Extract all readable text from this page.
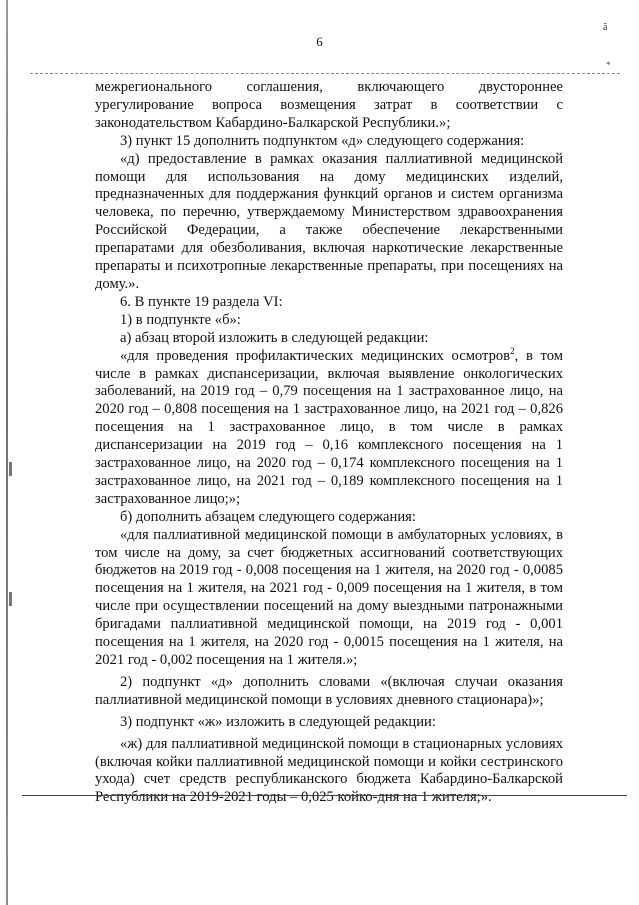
6
ã
*

межрегионального соглашения, включающего двустороннее урегулирование вопроса возмещения затрат в соответствии с законодательством Кабардино-Балкарской Республики.»;

3) пункт 15 дополнить подпунктом «д» следующего содержания:

«д) предоставление в рамках оказания паллиативной медицинской помощи для использования на дому медицинских изделий, предназначенных для поддержания функций органов и систем организма человека, по перечню, утверждаемому Министерством здравоохранения Российской Федерации, а также обеспечение лекарственными препаратами для обезболивания, включая наркотические лекарственные препараты и психотропные лекарственные препараты, при посещениях на дому.».

6. В пункте 19 раздела VI:

1) в подпункте «б»:

а) абзац второй изложить в следующей редакции:

«для проведения профилактических медицинских осмотров$^2$, в том числе в рамках диспансеризации, включая выявление онкологических заболеваний, на 2019 год – 0,79 посещения на 1 застрахованное лицо, на 2020 год – 0,808 посещения на 1 застрахованное лицо, на 2021 год – 0,826 посещения на 1 застрахованное лицо, в том числе в рамках диспансеризации на 2019 год – 0,16 комплексного посещения на 1 застрахованное лицо, на 2020 год – 0,174 комплексного посещения на 1 застрахованное лицо, на 2021 год – 0,189 комплексного посещения на 1 застрахованное лицо;»;

б) дополнить абзацем следующего содержания:

«для паллиативной медицинской помощи в амбулаторных условиях, в том числе на дому, за счет бюджетных ассигнований соответствующих бюджетов на 2019 год - 0,008 посещения на 1 жителя, на 2020 год - 0,0085 посещения на 1 жителя, на 2021 год - 0,009 посещения на 1 жителя, в том числе при осуществлении посещений на дому выездными патронажными бригадами паллиативной медицинской помощи, на 2019 год - 0,001 посещения на 1 жителя, на 2020 год - 0,0015 посещения на 1 жителя, на 2021 год - 0,002 посещения на 1 жителя.»;

2) подпункт «д» дополнить словами «(включая случаи оказания паллиативной медицинской помощи в условиях дневного стационара)»;

3) подпункт «ж» изложить в следующей редакции:

«ж) для паллиативной медицинской помощи в стационарных условиях (включая койки паллиативной медицинской помощи и койки сестринского ухода) счет средств республиканского бюджета Кабардино-Балкарской Республики на 2019-2021 годы – 0,025 койко-дня на 1 жителя;».
